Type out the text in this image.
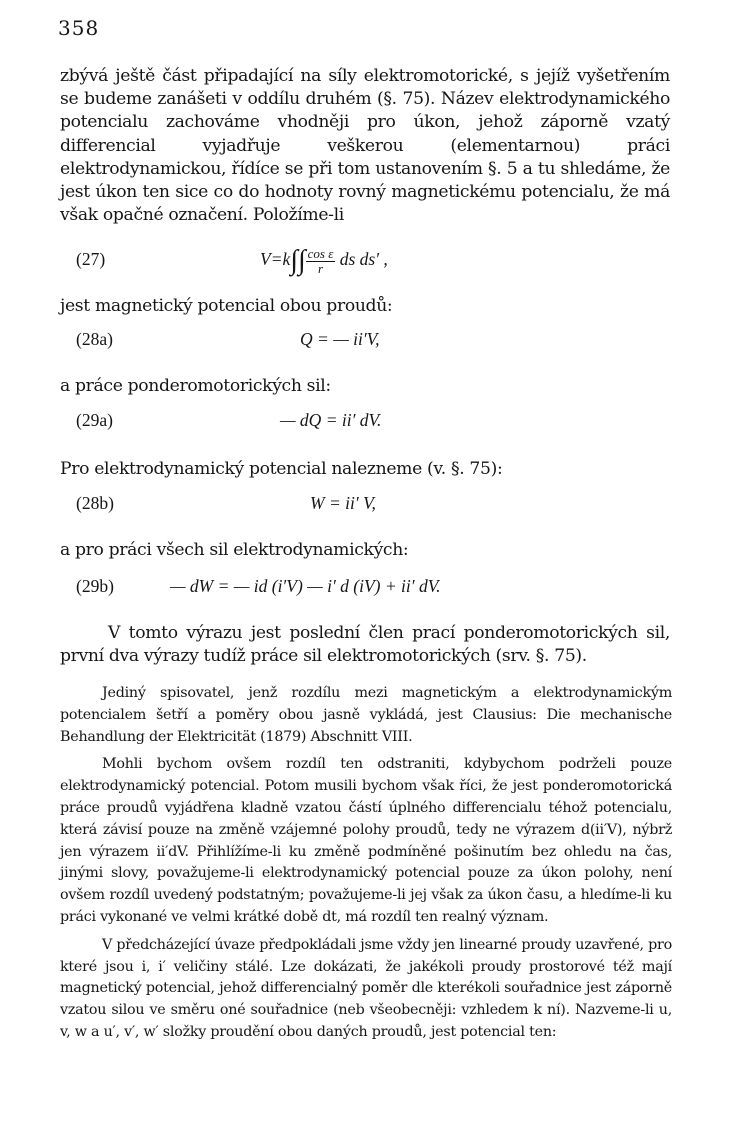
358

zbývá ještě část připadající na síly elektromotorické, s jejíž vyšetřením se budeme zanášeti v oddílu druhém (§. 75). Název elektrodynamického potencialu zachováme vhodněji pro úkon, jehož záporně vzatý differencial vyjadřuje veškerou (elementarnou) práci elektrodynamickou, řídíce se při tom ustanovením §. 5 a tu shledáme, že jest úkon ten sice co do hodnoty rovný magnetickému potencialu, že má však opačné označení. Položíme-li

(27)	$V=k\int\int \frac{\text{cos ε}}{r}$ ds ds′ ,

jest magnetický potencial obou proudů:

(28a)	Q = — ii′V,

a práce ponderomotorických sil:

(29a)	— dQ = ii′ dV.

Pro elektrodynamický potencial nalezneme (v. §. 75):

(28b)	W = ii′ V,

a pro práci všech sil elektrodynamických:

(29b)	— dW = — id (i′V) — i′ d (iV) + ii′ dV.

V tomto výrazu jest poslední člen prací ponderomotorických sil, první dva výrazy tudíž práce sil elektromotorických (srv. §. 75).

Jediný spisovatel, jenž rozdílu mezi magnetickým a elektrodynamickým potencialem šetří a poměry obou jasně vykládá, jest Clausius: Die mechanische Behandlung der Elektricität (1879) Abschnitt VIII.

Mohli bychom ovšem rozdíl ten odstraniti, kdybychom podrželi pouze elektrodynamický potencial. Potom musili bychom však říci, že jest ponderomotorická práce proudů vyjádřena kladně vzatou částí úplného differencialu téhož potencialu, která závisí pouze na změně vzájemné polohy proudů, tedy ne výrazem d(ii′V), nýbrž jen výrazem ii′dV. Přihlížíme-li ku změně podmíněné pošinutím bez ohledu na čas, jinými slovy, považujeme-li elektrodynamický potencial pouze za úkon polohy, není ovšem rozdíl uvedený podstatným; považujeme-li jej však za úkon času, a hledíme-li ku práci vykonané ve velmi krátké době dt, má rozdíl ten realný význam.

V předcházející úvaze předpokládali jsme vždy jen linearné proudy uzavřené, pro které jsou i, i′ veličiny stálé. Lze dokázati, že jakékoli proudy prostorové též mají magnetický potencial, jehož differencialný poměr dle kterékoli souřadnice jest záporně vzatou silou ve směru oné souřadnice (neb všeobecněji: vzhledem k ní). Nazveme-li u, v, w a u′, v′, w′ složky proudění obou daných proudů, jest potencial ten:
